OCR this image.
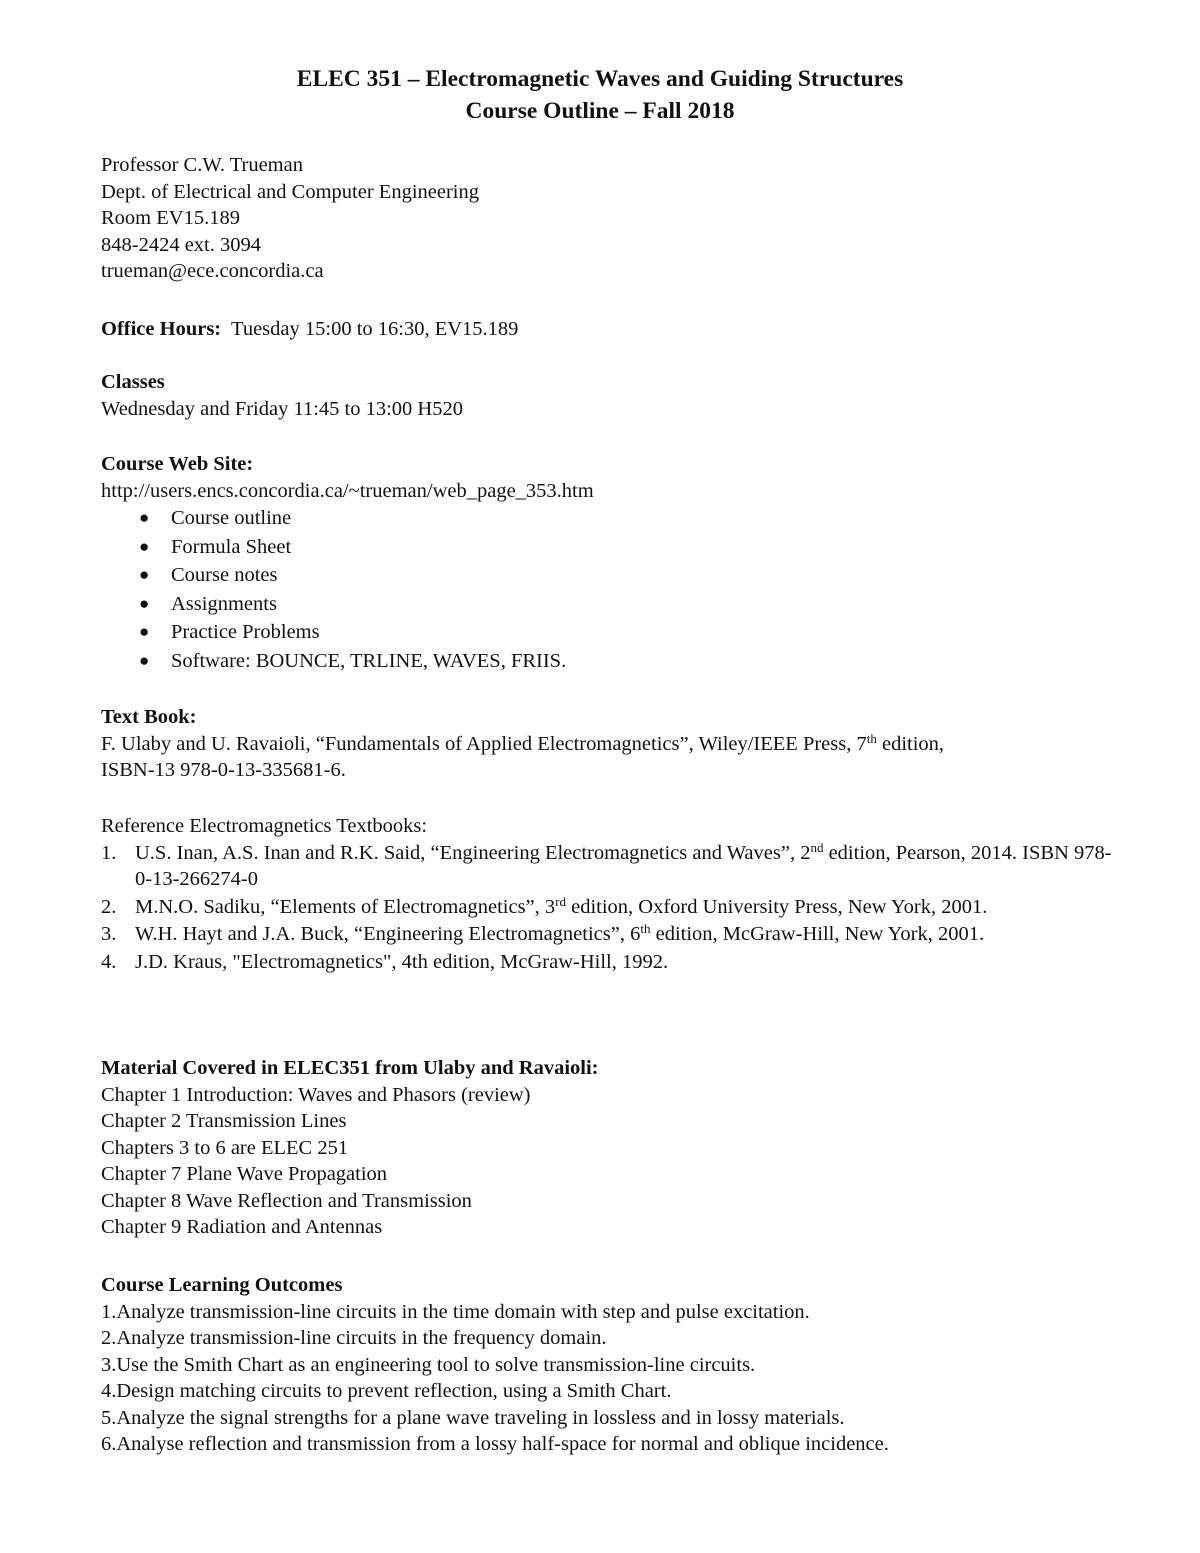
ELEC 351 – Electromagnetic Waves and Guiding Structures
Course Outline – Fall 2018

Professor C.W. Trueman

Dept. of Electrical and Computer Engineering

Room EV15.189

848-2424 ext. 3094

trueman@ece.concordia.ca

Office Hours: Tuesday 15:00 to 16:30, EV15.189

Classes

Wednesday and Friday 11:45 to 13:00 H520

Course Web Site:

http://users.encs.concordia.ca/~trueman/web_page_353.htm

● Course outline
● Formula Sheet
● Course notes
● Assignments
● Practice Problems
● Software: BOUNCE, TRLINE, WAVES, FRIIS.

Text Book:

F. Ulaby and U. Ravaioli, “Fundamentals of Applied Electromagnetics”, Wiley/IEEE Press, 7th edition,

ISBN-13 978-0-13-335681-6.

Reference Electromagnetics Textbooks:

1. U.S. Inan, A.S. Inan and R.K. Said, “Engineering Electromagnetics and Waves”, 2nd edition, Pearson, 2014. ISBN 978-0-13-266274-0
2. M.N.O. Sadiku, “Elements of Electromagnetics”, 3rd edition, Oxford University Press, New York, 2001.
3. W.H. Hayt and J.A. Buck, “Engineering Electromagnetics”, 6th edition, McGraw-Hill, New York, 2001.
4. J.D. Kraus, "Electromagnetics", 4th edition, McGraw-Hill, 1992.

Material Covered in ELEC351 from Ulaby and Ravaioli:

Chapter 1 Introduction: Waves and Phasors (review)

Chapter 2 Transmission Lines

Chapters 3 to 6 are ELEC 251

Chapter 7 Plane Wave Propagation

Chapter 8 Wave Reflection and Transmission

Chapter 9 Radiation and Antennas

Course Learning Outcomes

1.Analyze transmission-line circuits in the time domain with step and pulse excitation.

2.Analyze transmission-line circuits in the frequency domain.

3.Use the Smith Chart as an engineering tool to solve transmission-line circuits.

4.Design matching circuits to prevent reflection, using a Smith Chart.

5.Analyze the signal strengths for a plane wave traveling in lossless and in lossy materials.

6.Analyse reflection and transmission from a lossy half-space for normal and oblique incidence.
